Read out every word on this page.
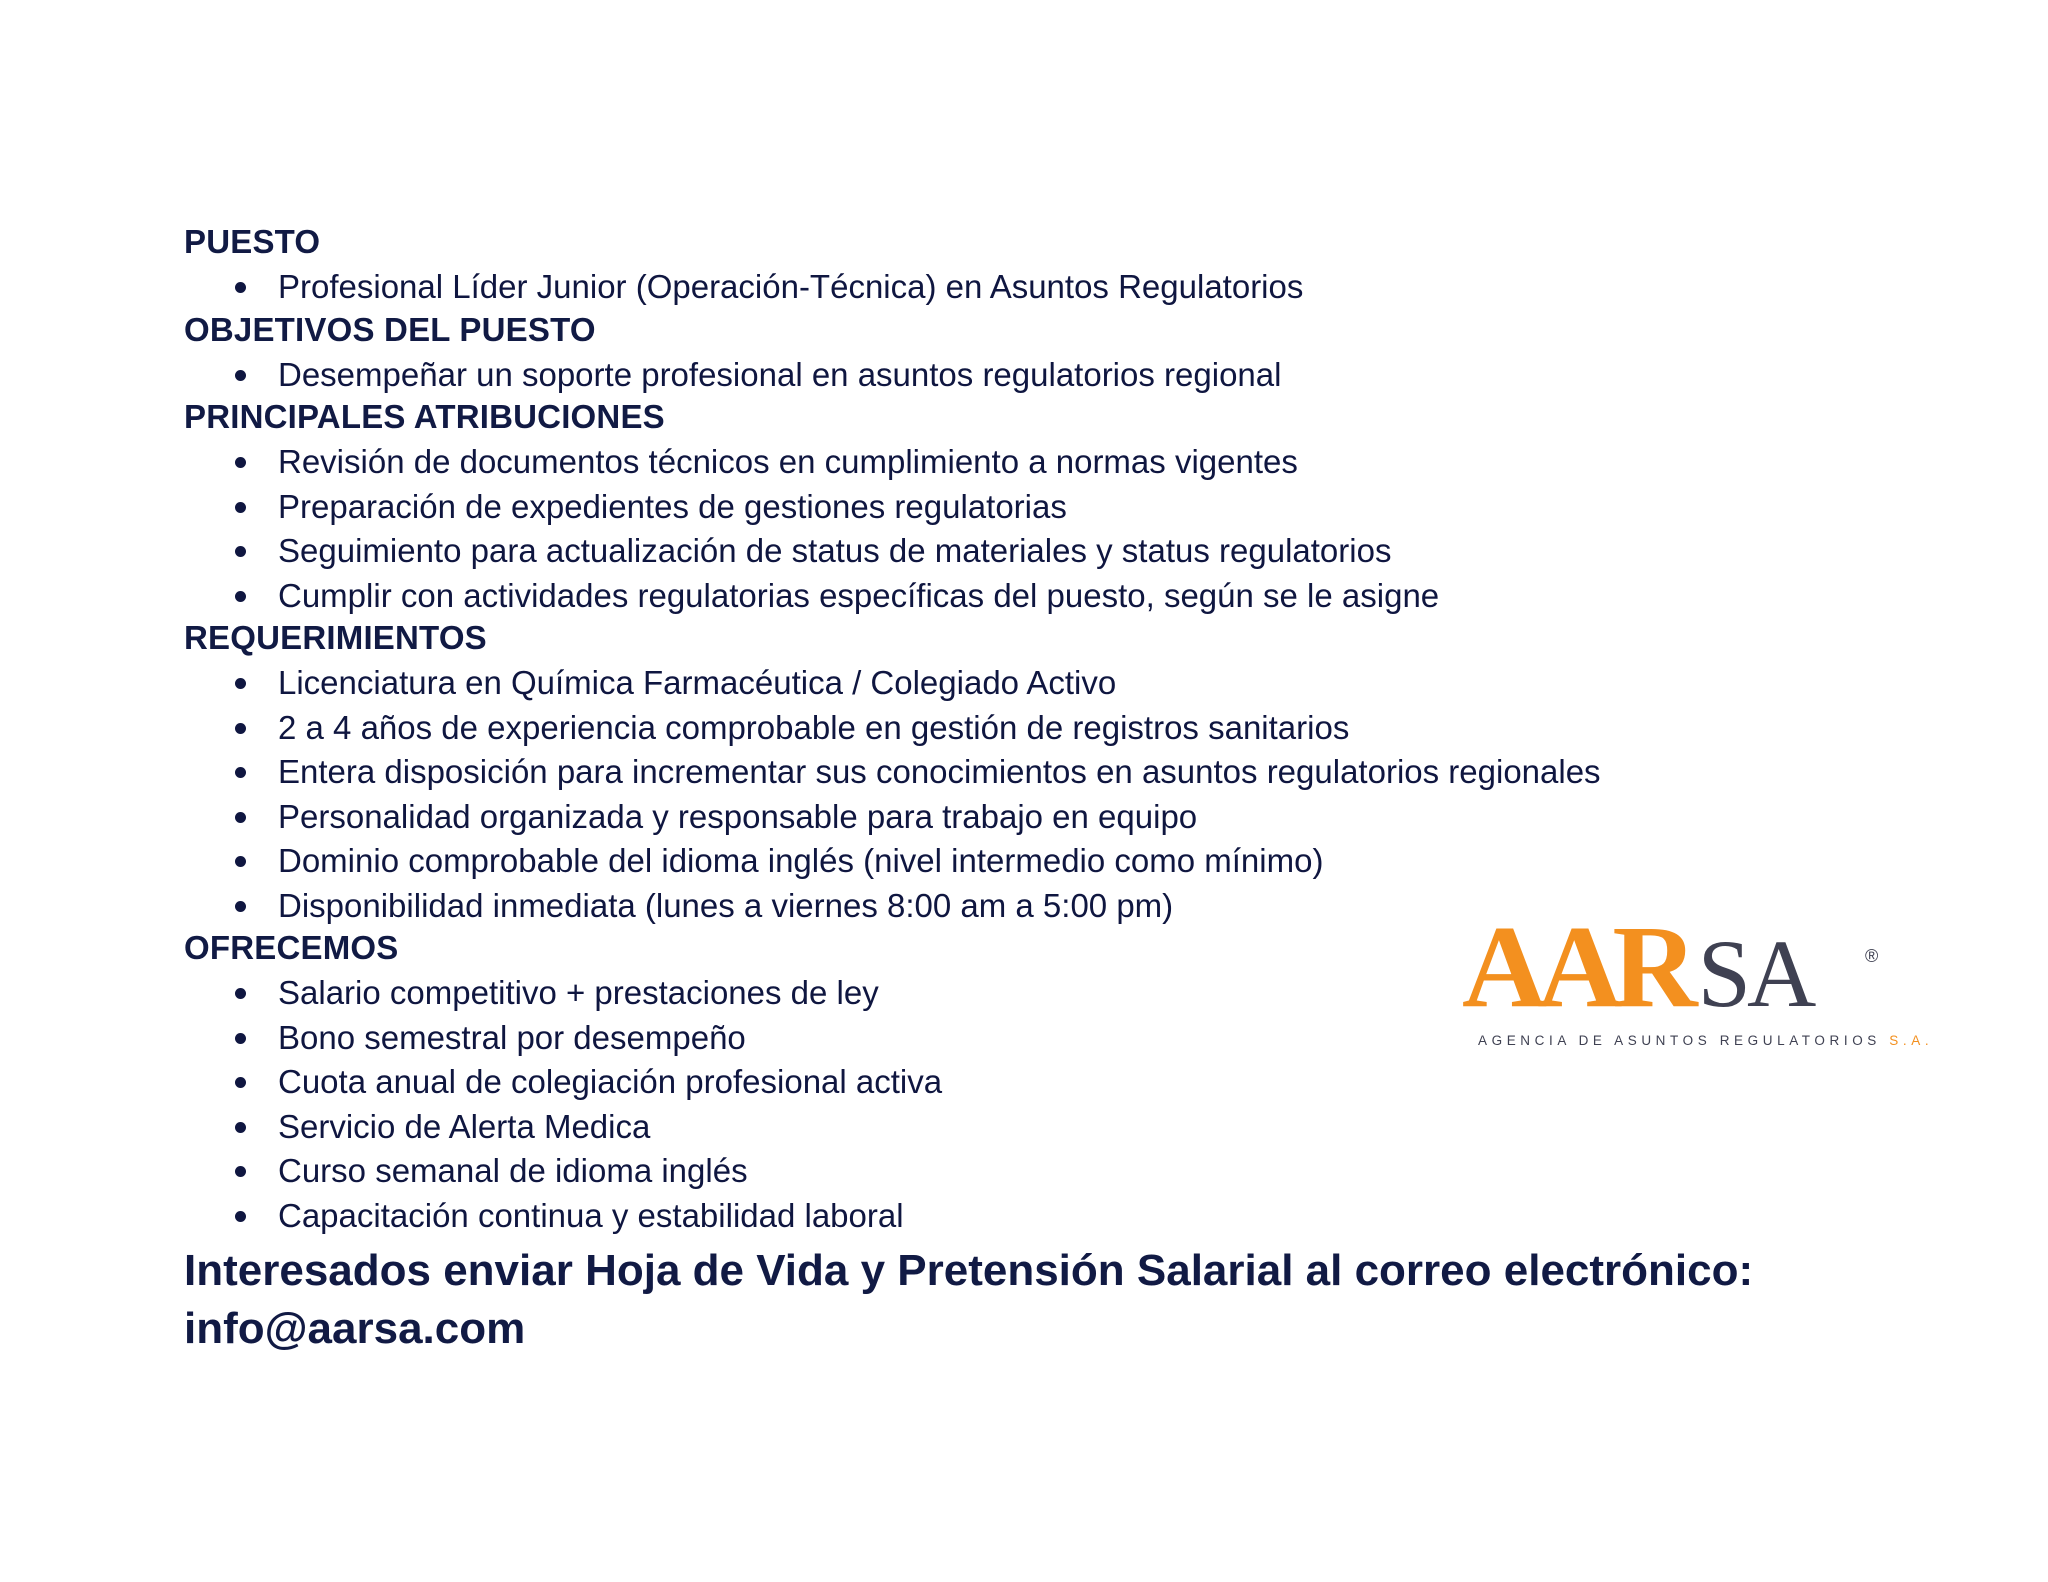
PUESTO
Profesional Líder Junior (Operación-Técnica) en Asuntos Regulatorios
OBJETIVOS DEL PUESTO
Desempeñar un soporte profesional en asuntos regulatorios regional
PRINCIPALES ATRIBUCIONES
Revisión de documentos técnicos en cumplimiento a normas vigentes
Preparación de expedientes de gestiones regulatorias
Seguimiento para actualización de status de materiales y status regulatorios
Cumplir con actividades regulatorias específicas del puesto, según se le asigne
REQUERIMIENTOS
Licenciatura en Química Farmacéutica / Colegiado Activo
2 a 4 años de experiencia comprobable en gestión de registros sanitarios
Entera disposición para incrementar sus conocimientos en asuntos regulatorios regionales
Personalidad organizada y responsable para trabajo en equipo
Dominio comprobable del idioma inglés (nivel intermedio como mínimo)
Disponibilidad inmediata (lunes a viernes 8:00 am a 5:00 pm)
OFRECEMOS
Salario competitivo + prestaciones de ley
Bono semestral por desempeño
Cuota anual de colegiación profesional activa
Servicio de Alerta Medica
Curso semanal de idioma inglés
Capacitación continua y estabilidad laboral
Interesados enviar Hoja de Vida y Pretensión Salarial al correo electrónico:
info@aarsa.com
AAR SA	®
AGENCIA DE ASUNTOS REGULATORIOS S.A.
